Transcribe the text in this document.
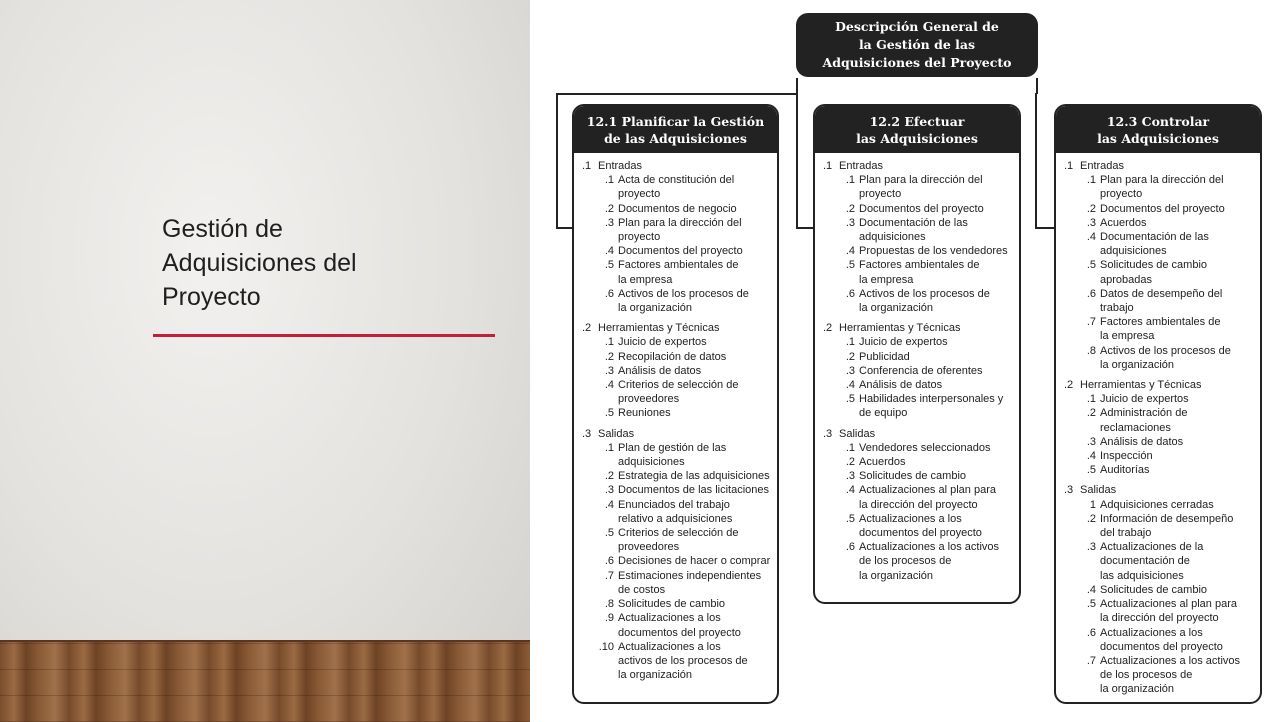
Gestión de
Adquisiciones del
Proyecto
Descripción General de
la Gestión de las
Adquisiciones del Proyecto
12.1 Planificar la Gestión
de las Adquisiciones
.1 Entradas
.1 Acta de constitución del
proyecto
.2 Documentos de negocio
.3 Plan para la dirección del
proyecto
.4 Documentos del proyecto
.5 Factores ambientales de
la empresa
.6 Activos de los procesos de
la organización
.2 Herramientas y Técnicas
.1 Juicio de expertos
.2 Recopilación de datos
.3 Análisis de datos
.4 Criterios de selección de
proveedores
.5 Reuniones
.3 Salidas
.1 Plan de gestión de las
adquisiciones
.2 Estrategia de las adquisiciones
.3 Documentos de las licitaciones
.4 Enunciados del trabajo
relativo a adquisiciones
.5 Criterios de selección de
proveedores
.6 Decisiones de hacer o comprar
.7 Estimaciones independientes
de costos
.8 Solicitudes de cambio
.9 Actualizaciones a los
documentos del proyecto
.10 Actualizaciones a los
activos de los procesos de
la organización
12.2 Efectuar
las Adquisiciones
.1 Entradas
.1 Plan para la dirección del
proyecto
.2 Documentos del proyecto
.3 Documentación de las
adquisiciones
.4 Propuestas de los vendedores
.5 Factores ambientales de
la empresa
.6 Activos de los procesos de
la organización
.2 Herramientas y Técnicas
.1 Juicio de expertos
.2 Publicidad
.3 Conferencia de oferentes
.4 Análisis de datos
.5 Habilidades interpersonales y
de equipo
.3 Salidas
.1 Vendedores seleccionados
.2 Acuerdos
.3 Solicitudes de cambio
.4 Actualizaciones al plan para
la dirección del proyecto
.5 Actualizaciones a los
documentos del proyecto
.6 Actualizaciones a los activos
de los procesos de
la organización
12.3 Controlar
las Adquisiciones
.1 Entradas
.1 Plan para la dirección del
proyecto
.2 Documentos del proyecto
.3 Acuerdos
.4 Documentación de las
adquisiciones
.5 Solicitudes de cambio
aprobadas
.6 Datos de desempeño del trabajo
.7 Factores ambientales de
la empresa
.8 Activos de los procesos de
la organización
.2 Herramientas y Técnicas
.1 Juicio de expertos
.2 Administración de
reclamaciones
.3 Análisis de datos
.4 Inspección
.5 Auditorías
.3 Salidas
1 Adquisiciones cerradas
.2 Información de desempeño
del trabajo
.3 Actualizaciones de la
documentación de
las adquisiciones
.4 Solicitudes de cambio
.5 Actualizaciones al plan para
la dirección del proyecto
.6 Actualizaciones a los
documentos del proyecto
.7 Actualizaciones a los activos
de los procesos de
la organización
